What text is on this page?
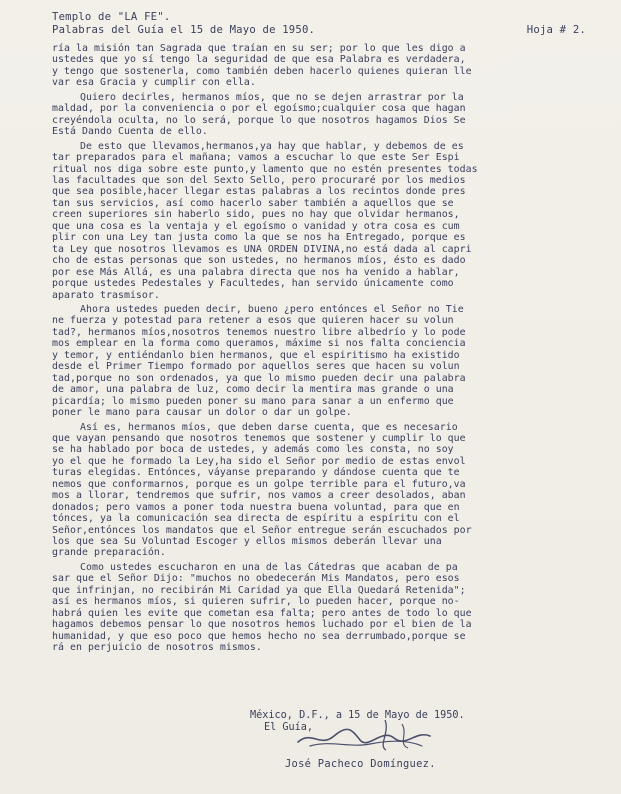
Templo de "LA FE".
Palabras del Guía el 15 de Mayo de 1950.	Hoja # 2.
ría la misión tan Sagrada que traían en su ser; por lo que les digo a
ustedes que yo sí tengo la seguridad de que esa Palabra es verdadera,
y tengo que sostenerla, como también deben hacerlo quienes quieran lle
var esa Gracia y cumplir con ella.
Quiero decirles, hermanos míos, que no se dejen arrastrar por la
maldad, por la conveniencia o por el egoísmo;cualquier cosa que hagan
creyéndola oculta, no lo será, porque lo que nosotros hagamos Dios Se
Está Dando Cuenta de ello.
De esto que llevamos,hermanos,ya hay que hablar, y debemos de es
tar preparados para el mañana; vamos a escuchar lo que este Ser Espi
ritual nos diga sobre este punto,y lamento que no estén presentes todas
las facultades que son del Sexto Sello, pero procuraré por los medios
que sea posible,hacer llegar estas palabras a los recintos donde pres
tan sus servicios, así como hacerlo saber también a aquellos que se
creen superiores sin haberlo sido, pues no hay que olvidar hermanos,
que una cosa es la ventaja y el egoísmo o vanidad y otra cosa es cum
plir con una Ley tan justa como la que se nos ha Entregado, porque es
ta Ley que nosotros llevamos es UNA ORDEN DIVINA,no está dada al capri
cho de estas personas que son ustedes, no hermanos míos, ésto es dado
por ese Más Allá, es una palabra directa que nos ha venido a hablar,
porque ustedes Pedestales y Facultedes, han servido únicamente como
aparato trasmisor.
Ahora ustedes pueden decir, bueno ¿pero entónces el Señor no Tie
ne fuerza y potestad para retener a esos que quieren hacer su volun
tad?, hermanos míos,nosotros tenemos nuestro libre albedrío y lo pode
mos emplear en la forma como queramos, máxime si nos falta conciencia
y temor, y entiéndanlo bien hermanos, que el espiritismo ha existido
desde el Primer Tiempo formado por aquellos seres que hacen su volun
tad,porque no son ordenados, ya que lo mismo pueden decir una palabra
de amor, una palabra de luz, como decir la mentira mas grande o una
picardía; lo mismo pueden poner su mano para sanar a un enfermo que
poner le mano para causar un dolor o dar un golpe.
Así es, hermanos míos, que deben darse cuenta, que es necesario
que vayan pensando que nosotros tenemos que sostener y cumplir lo que
se ha hablado por boca de ustedes, y además como les consta, no soy
yo el que he formado la Ley,ha sido el Señor por medio de estas envol
turas elegidas. Entónces, váyanse preparando y dándose cuenta que te
nemos que conformarnos, porque es un golpe terrible para el futuro,va
mos a llorar, tendremos que sufrir, nos vamos a creer desolados, aban
donados; pero vamos a poner toda nuestra buena voluntad, para que en
tónces, ya la comunicación sea directa de espíritu a espíritu con el
Señor,entónces los mandatos que el Señor entregue serán escuchados por
los que sea Su Voluntad Escoger y ellos mismos deberán llevar una
grande preparación.
Como ustedes escucharon en una de las Cátedras que acaban de pa
sar que el Señor Dijo: "muchos no obedecerán Mis Mandatos, pero esos
que infrinjan, no recibirán Mi Caridad ya que Ella Quedará Retenida";
así es hermanos míos, si quieren sufrir, lo pueden hacer, porque no-
habrá quien les evite que cometan esa falta; pero antes de todo lo que
hagamos debemos pensar lo que nosotros hemos luchado por el bien de la
humanidad, y que eso poco que hemos hecho no sea derrumbado,porque se
rá en perjuicio de nosotros mismos.
México, D.F., a 15 de Mayo de 1950.
El Guía,
José Pacheco Domínguez.
